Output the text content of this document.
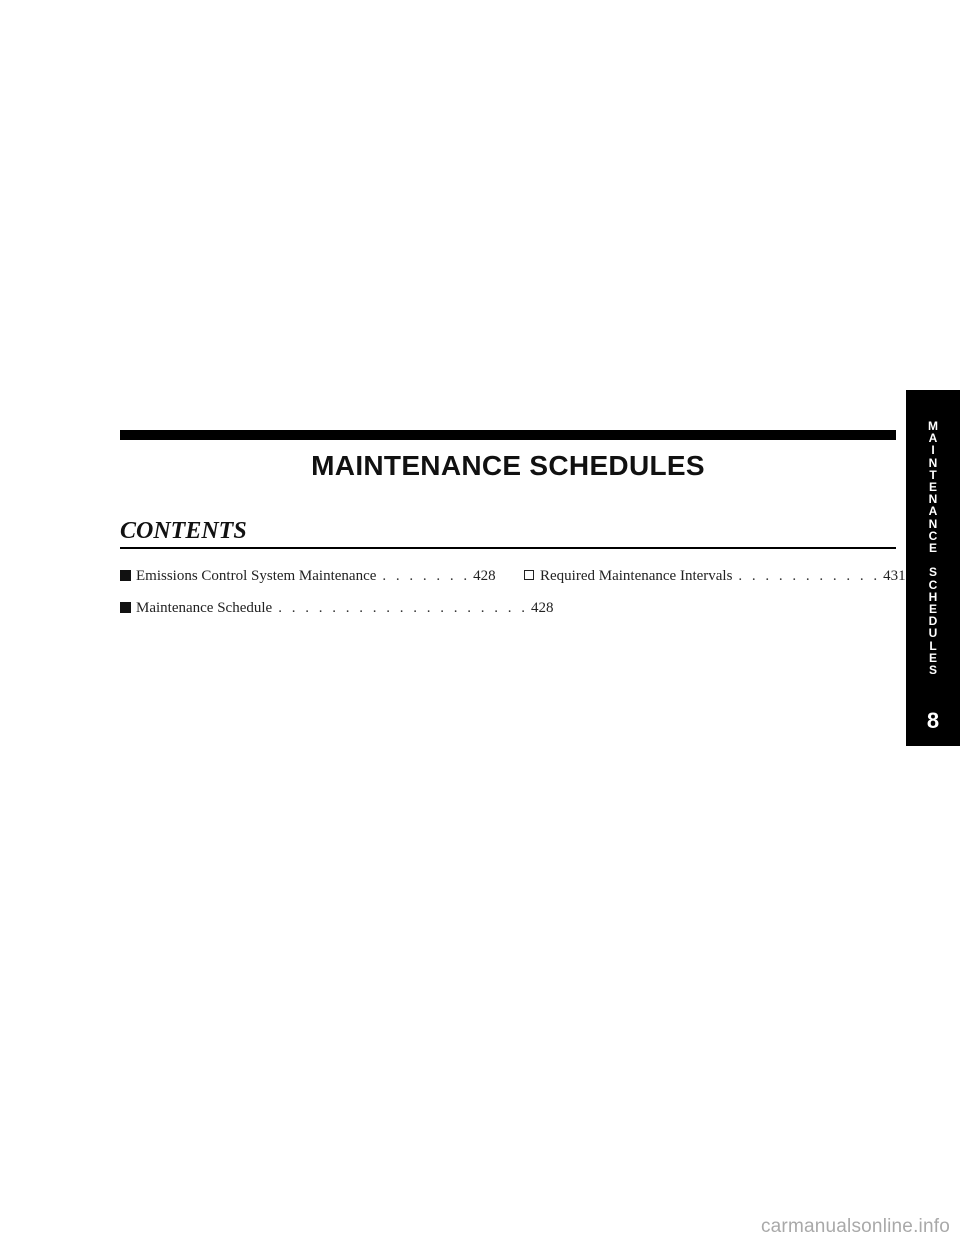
MAINTENANCE SCHEDULES
CONTENTS
Emissions Control System Maintenance . . . . . . . 428
Maintenance Schedule . . . . . . . . . . . . . . . . . . . 428
Required Maintenance Intervals . . . . . . . . . . . 431
M
A
I
N
T
E
N
A
N
C
E

S
C
H
E
D
U
L
E
S
8
carmanualsonline.info
